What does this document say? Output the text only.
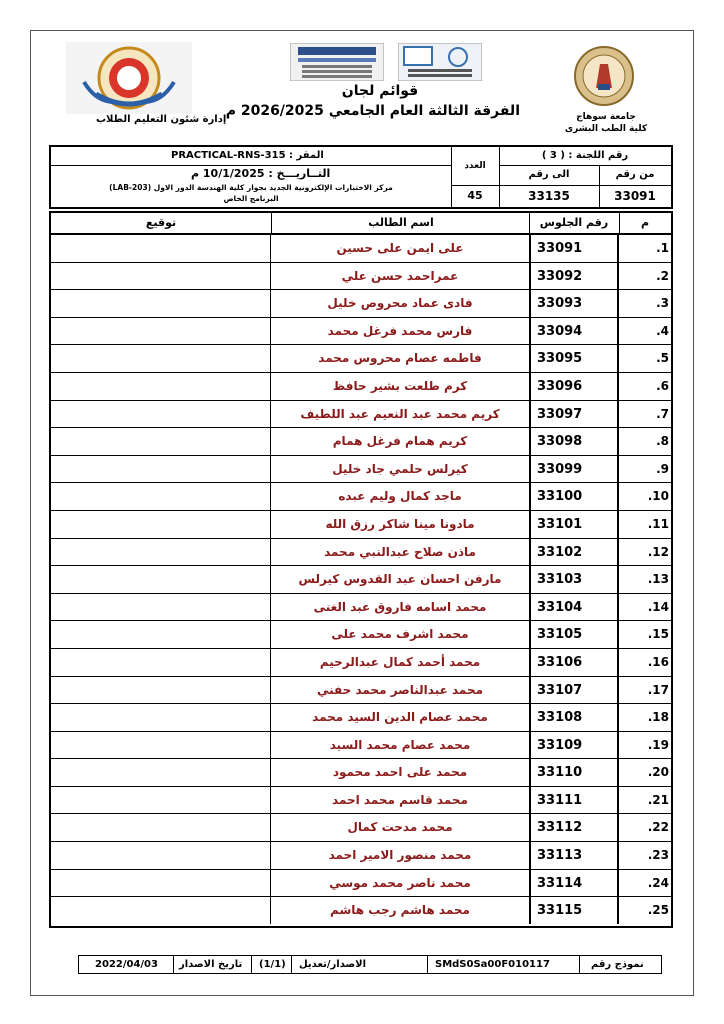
إدارة شئون التعليم الطلاب
قوائم لجان
الفرقة الثالثة العام الجامعي 2026/2025 م	جامعة سوهاج
كلية الطب البشرى
المقر : PRACTICAL-RNS-315
التــاريـــخ : 10/1/2025 م
مركز الاختبارات الإلكترونية الجديد بجوار كلية الهندسة الدور الاول (LAB-203)
البرنامج الخاص
العدد
45
رقم اللجنة : ( 3 )
الى رقم
33135
من رقم
33091
توقيع	اسم الطالب	رقم الجلوس	م
على ايمن على حسين	33091	.1
عمراحمد حسن علي	33092	.2
فادى عماد محروص خليل	33093	.3
فارس محمد فرغل محمد	33094	.4
فاطمه عصام محروس محمد	33095	.5
كرم طلعت بشير حافظ	33096	.6
كريم محمد عبد النعيم عبد اللطيف	33097	.7
كريم همام فرغل همام	33098	.8
كيرلس حلمي جاد خليل	33099	.9
ماجد كمال وليم عبده	33100	.10
مادونا مينا شاكر رزق الله	33101	.11
ماذن صلاح عبدالنبي محمد	33102	.12
مارفن احسان عبد القدوس كيرلس	33103	.13
محمد اسامه فاروق عبد الغنى	33104	.14
محمد اشرف محمد على	33105	.15
محمد أحمد كمال عبدالرحيم	33106	.16
محمد عبدالناصر محمد حفني	33107	.17
محمد عصام الدين السيد محمد	33108	.18
محمد عصام محمد السيد	33109	.19
محمد على احمد محمود	33110	.20
محمد قاسم محمد احمد	33111	.21
محمد مدحت كمال	33112	.22
محمد منصور الامير احمد	33113	.23
محمد ناصر محمد موسي	33114	.24
محمد هاشم رجب هاشم	33115	.25
2022/04/03 تاريخ الاصدار (1/1) الاصدار/تعديل	SMdS0Sa00F010117	نموذج رقم
